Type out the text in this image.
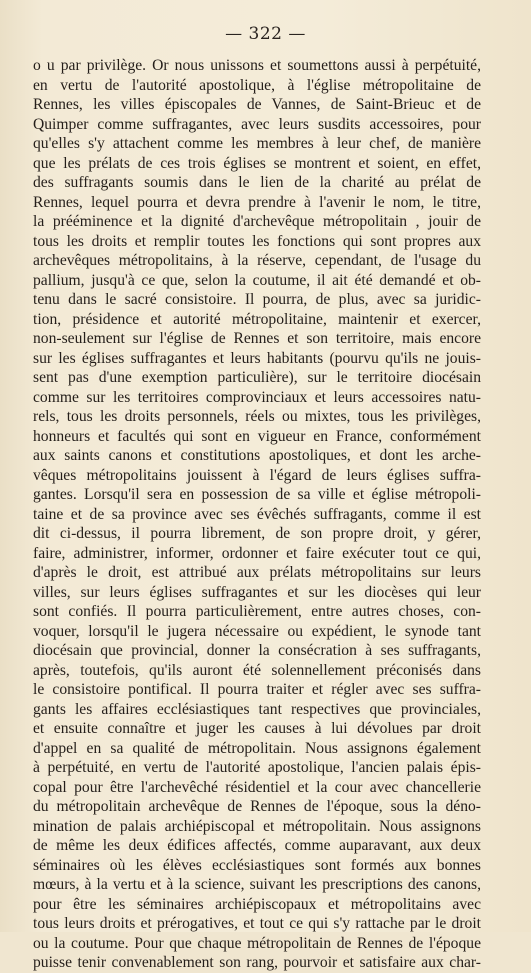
— 322 —
o u par privilège. Or nous unissons et soumettons aussi à perpétuité,
en vertu de l'autorité apostolique, à l'église métropolitaine de
Rennes, les villes épiscopales de Vannes, de Saint-Brieuc et de
Quimper comme suffragantes, avec leurs susdits accessoires, pour
qu'elles s'y attachent comme les membres à leur chef, de manière
que les prélats de ces trois églises se montrent et soient, en effet,
des suffragants soumis dans le lien de la charité au prélat de
Rennes, lequel pourra et devra prendre à l'avenir le nom, le titre,
la prééminence et la dignité d'archevêque métropolitain , jouir de
tous les droits et remplir toutes les fonctions qui sont propres aux
archevêques métropolitains, à la réserve, cependant, de l'usage du
pallium, jusqu'à ce que, selon la coutume, il ait été demandé et ob-
tenu dans le sacré consistoire. Il pourra, de plus, avec sa juridic-
tion, présidence et autorité métropolitaine, maintenir et exercer,
non-seulement sur l'église de Rennes et son territoire, mais encore
sur les églises suffragantes et leurs habitants (pourvu qu'ils ne jouis-
sent pas d'une exemption particulière), sur le territoire diocésain
comme sur les territoires comprovinciaux et leurs accessoires natu-
rels, tous les droits personnels, réels ou mixtes, tous les privilèges,
honneurs et facultés qui sont en vigueur en France, conformément
aux saints canons et constitutions apostoliques, et dont les arche-
vêques métropolitains jouissent à l'égard de leurs églises suffra-
gantes. Lorsqu'il sera en possession de sa ville et église métropoli-
taine et de sa province avec ses évêchés suffragants, comme il est
dit ci-dessus, il pourra librement, de son propre droit, y gérer,
faire, administrer, informer, ordonner et faire exécuter tout ce qui,
d'après le droit, est attribué aux prélats métropolitains sur leurs
villes, sur leurs églises suffragantes et sur les diocèses qui leur
sont confiés. Il pourra particulièrement, entre autres choses, con-
voquer, lorsqu'il le jugera nécessaire ou expédient, le synode tant
diocésain que provincial, donner la consécration à ses suffragants,
après, toutefois, qu'ils auront été solennellement préconisés dans
le consistoire pontifical. Il pourra traiter et régler avec ses suffra-
gants les affaires ecclésiastiques tant respectives que provinciales,
et ensuite connaître et juger les causes à lui dévolues par droit
d'appel en sa qualité de métropolitain. Nous assignons également
à perpétuité, en vertu de l'autorité apostolique, l'ancien palais épis-
copal pour être l'archevêché résidentiel et la cour avec chancellerie
du métropolitain archevêque de Rennes de l'époque, sous la déno-
mination de palais archiépiscopal et métropolitain. Nous assignons
de même les deux édifices affectés, comme auparavant, aux deux
séminaires où les élèves ecclésiastiques sont formés aux bonnes
mœurs, à la vertu et à la science, suivant les prescriptions des canons,
pour être les séminaires archiépiscopaux et métropolitains avec
tous leurs droits et prérogatives, et tout ce qui s'y rattache par le droit
ou la coutume. Pour que chaque métropolitain de Rennes de l'époque
puisse tenir convenablement son rang, pourvoir et satisfaire aux char-
